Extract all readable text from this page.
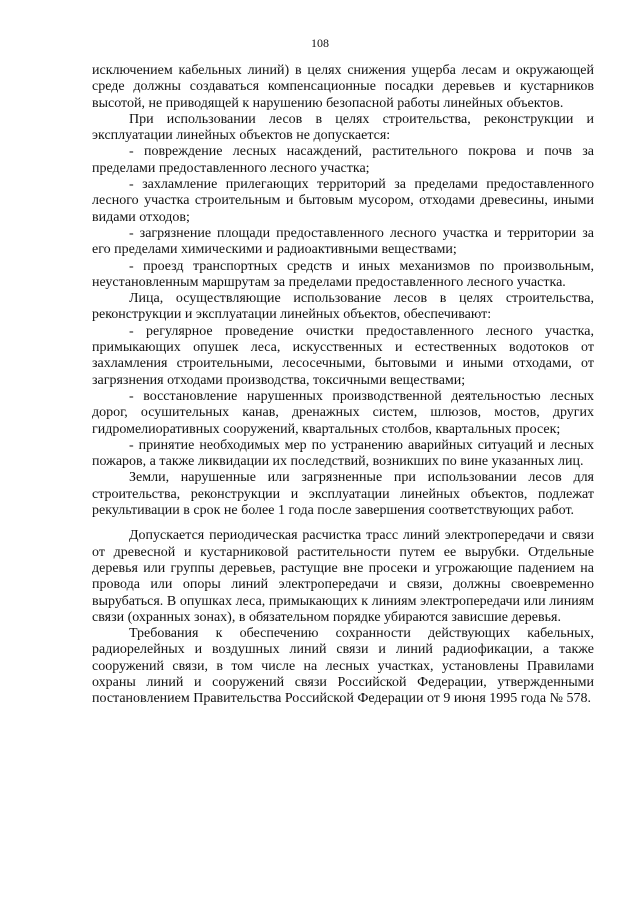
108

исключением кабельных линий) в целях снижения ущерба лесам и окружающей среде должны создаваться компенсационные посадки деревьев и кустарников высотой, не приводящей к нарушению безопасной работы линейных объектов.

При использовании лесов в целях строительства, реконструкции и эксплуатации линейных объектов не допускается:

- повреждение лесных насаждений, растительного покрова и почв за пределами предоставленного лесного участка;

- захламление прилегающих территорий за пределами предоставленного лесного участка строительным и бытовым мусором, отходами древесины, иными видами отходов;

- загрязнение площади предоставленного лесного участка и территории за его пределами химическими и радиоактивными веществами;

- проезд транспортных средств и иных механизмов по произвольным, неустановленным маршрутам за пределами предоставленного лесного участка.

Лица, осуществляющие использование лесов в целях строительства, реконструкции и эксплуатации линейных объектов, обеспечивают:

- регулярное проведение очистки предоставленного лесного участка, примыкающих опушек леса, искусственных и естественных водотоков от захламления строительными, лесосечными, бытовыми и иными отходами, от загрязнения отходами производства, токсичными веществами;

- восстановление нарушенных производственной деятельностью лесных дорог, осушительных канав, дренажных систем, шлюзов, мостов, других гидромелиоративных сооружений, квартальных столбов, квартальных просек;

- принятие необходимых мер по устранению аварийных ситуаций и лесных пожаров, а также ликвидации их последствий, возникших по вине указанных лиц.

Земли, нарушенные или загрязненные при использовании лесов для строительства, реконструкции и эксплуатации линейных объектов, подлежат рекультивации в срок не более 1 года после завершения соответствующих работ.

Допускается периодическая расчистка трасс линий электропередачи и связи от древесной и кустарниковой растительности путем ее вырубки. Отдельные деревья или группы деревьев, растущие вне просеки и угрожающие падением на провода или опоры линий электропередачи и связи, должны своевременно вырубаться. В опушках леса, примыкающих к линиям электропередачи или линиям связи (охранных зонах), в обязательном порядке убираются зависшие деревья.

Требования к обеспечению сохранности действующих кабельных, радиорелейных и воздушных линий связи и линий радиофикации, а также сооружений связи, в том числе на лесных участках, установлены Правилами охраны линий и сооружений связи Российской Федерации, утвержденными постановлением Правительства Российской Федерации от 9 июня 1995 года № 578.
